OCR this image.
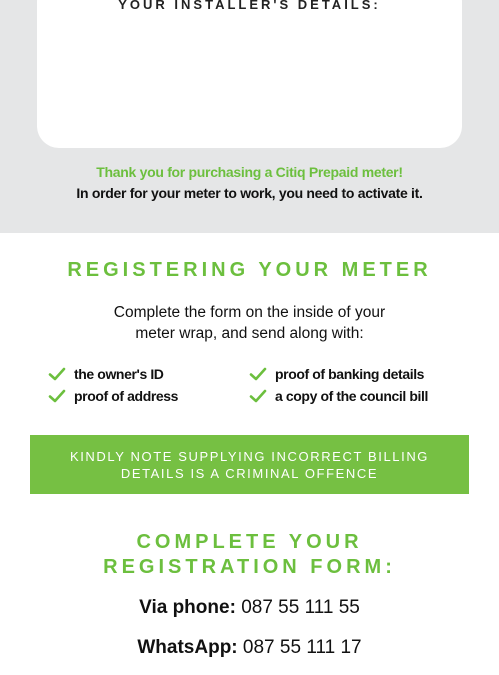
YOUR INSTALLER'S DETAILS:
Thank you for purchasing a Citiq Prepaid meter!
In order for your meter to work, you need to activate it.
REGISTERING YOUR METER
Complete the form on the inside of your
meter wrap, and send along with:
the owner's ID
proof of address
proof of banking details
a copy of the council bill
KINDLY NOTE SUPPLYING INCORRECT BILLING
DETAILS IS A CRIMINAL OFFENCE
COMPLETE YOUR
REGISTRATION FORM:
Via phone: 087 55 111 55
WhatsApp: 087 55 111 17
